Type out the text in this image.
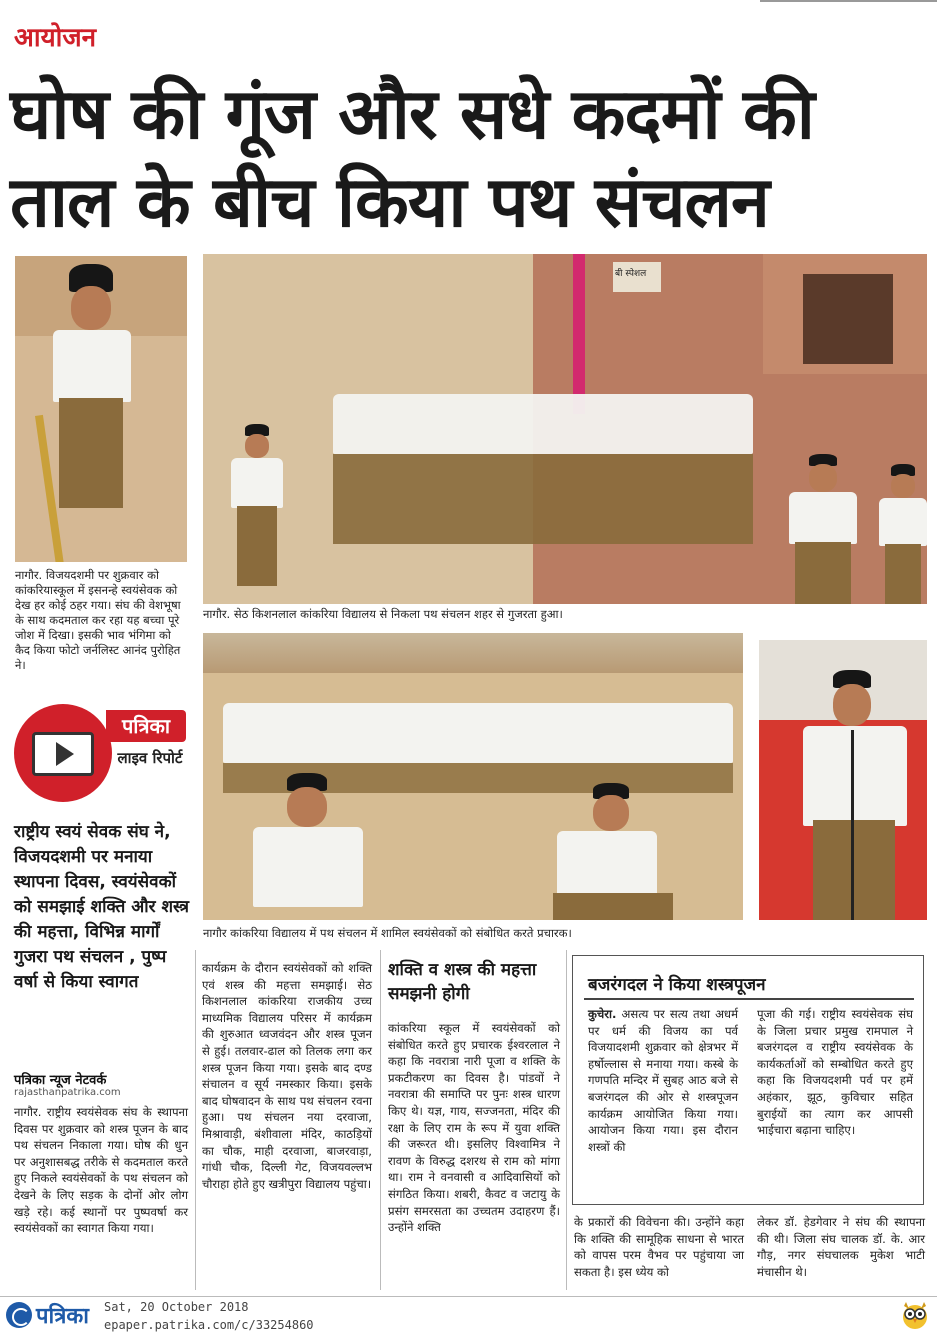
आयोजन
घोष की गूंज और सधे कदमों की ताल के बीच किया पथ संचलन
नागौर. विजयदशमी पर शुक्रवार को कांकरियास्कूल में इसनन्हे स्वयंसेवक को देख हर कोई ठहर गया। संघ की वेशभूषा के साथ कदमताल कर रहा यह बच्चा पूरे जोश में दिखा। इसकी भाव भंगिमा को कैद किया फोटो जर्नलिस्ट आनंद पुरोहित ने।
बी स्पेशल
नागौर. सेठ किशनलाल कांकरिया विद्यालय से निकला पथ संचलन शहर से गुजरता हुआ।
नागौर कांकरिया विद्यालय में पथ संचलन में शामिल स्वयंसेवकों को संबोधित करते प्रचारक।
पत्रिका
लाइव रिपोर्ट
राष्ट्रीय स्वयं सेवक संघ ने, विजयदशमी पर मनाया स्थापना दिवस, स्वयंसेवकों को समझाई शक्ति और शस्त्र की महत्ता, विभिन्न मार्गों गुजरा पथ संचलन , पुष्प वर्षा से किया स्वागत
पत्रिका न्यूज नेटवर्क
rajasthanpatrika.com
नागौर. राष्ट्रीय स्वयंसेवक संघ के स्थापना दिवस पर शुक्रवार को शस्त्र पूजन के बाद पथ संचलन निकाला गया। घोष की धुन पर अनुशासबद्ध तरीके से कदमताल करते हुए निकले स्वयंसेवकों के पथ संचलन को देखने के लिए सड़क के दोनों ओर लोग खड़े रहे। कई स्थानों पर पुष्पवर्षा कर स्वयंसेवकों का स्वागत किया गया।
कार्यक्रम के दौरान स्वयंसेवकों को शक्ति एवं शस्त्र की महत्ता समझाई। सेठ किशनलाल कांकरिया राजकीय उच्च माध्यमिक विद्यालय परिसर में कार्यक्रम की शुरुआत ध्वजवंदन और शस्त्र पूजन से हुई। तलवार-ढाल को तिलक लगा कर शस्त्र पूजन किया गया। इसके बाद दण्ड संचालन व सूर्य नमस्कार किया। इसके बाद घोषवादन के साथ पथ संचलन रवना हुआ। पथ संचलन नया दरवाजा, मिश्रावाड़ी, बंशीवाला मंदिर, काठड़ियों का चौक, माही दरवाजा, बाजरवाड़ा, गांधी चौक, दिल्ली गेट, विजयवल्लभ चौराहा होते हुए खत्रीपुरा विद्यालय पहुंचा।
शक्ति व शस्त्र की महत्ता समझनी होगी
कांकरिया स्कूल में स्वयंसेवकों को संबोधित करते हुए प्रचारक ईश्वरलाल ने कहा कि नवरात्रा नारी पूजा व शक्ति के प्रकटीकरण का दिवस है। पांडवों ने नवरात्रा की समाप्ति पर पुनः शस्त्र धारण किए थे। यज्ञ, गाय, सज्जनता, मंदिर की रक्षा के लिए राम के रूप में युवा शक्ति की जरूरत थी। इसलिए विश्वामित्र ने रावण के विरुद्ध दशरथ से राम को मांगा था। राम ने वनवासी व आदिवासियों को संगठित किया। शबरी, कैवट व जटायु के प्रसंग समरसता का उच्चतम उदाहरण हैं। उन्होंने शक्ति
बजरंगदल ने किया शस्त्रपूजन
कुचेरा. असत्य पर सत्य तथा अधर्म पर धर्म की विजय का पर्व विजयादशमी शुक्रवार को क्षेत्रभर में हर्षोल्लास से मनाया गया। कस्बे के गणपति मन्दिर में सुबह आठ बजे से बजरंगदल की ओर से शस्त्रपूजन कार्यक्रम आयोजित किया गया। आयोजन किया गया। इस दौरान शस्त्रों की
पूजा की गई। राष्ट्रीय स्वयंसेवक संघ के जिला प्रचार प्रमुख रामपाल ने बजरंगदल व राष्ट्रीय स्वयंसेवक के कार्यकर्ताओं को सम्बोधित करते हुए कहा कि विजयदशमी पर्व पर हमें अहंकार, झूठ, कुविचार सहित बुराईयों का त्याग कर आपसी भाईचारा बढ़ाना चाहिए।
के प्रकारों की विवेचना की। उन्होंने कहा कि शक्ति की सामूहिक साधना से भारत को वापस परम वैभव पर पहुंचाया जा सकता है। इस ध्येय को
लेकर डॉ. हेडगेवार ने संघ की स्थापना की थी। जिला संघ चालक डॉ. के. आर गौड़, नगर संघचालक मुकेश भाटी मंचासीन थे।
पत्रिका Sat, 20 October 2018
epaper.patrika.com/c/33254860
